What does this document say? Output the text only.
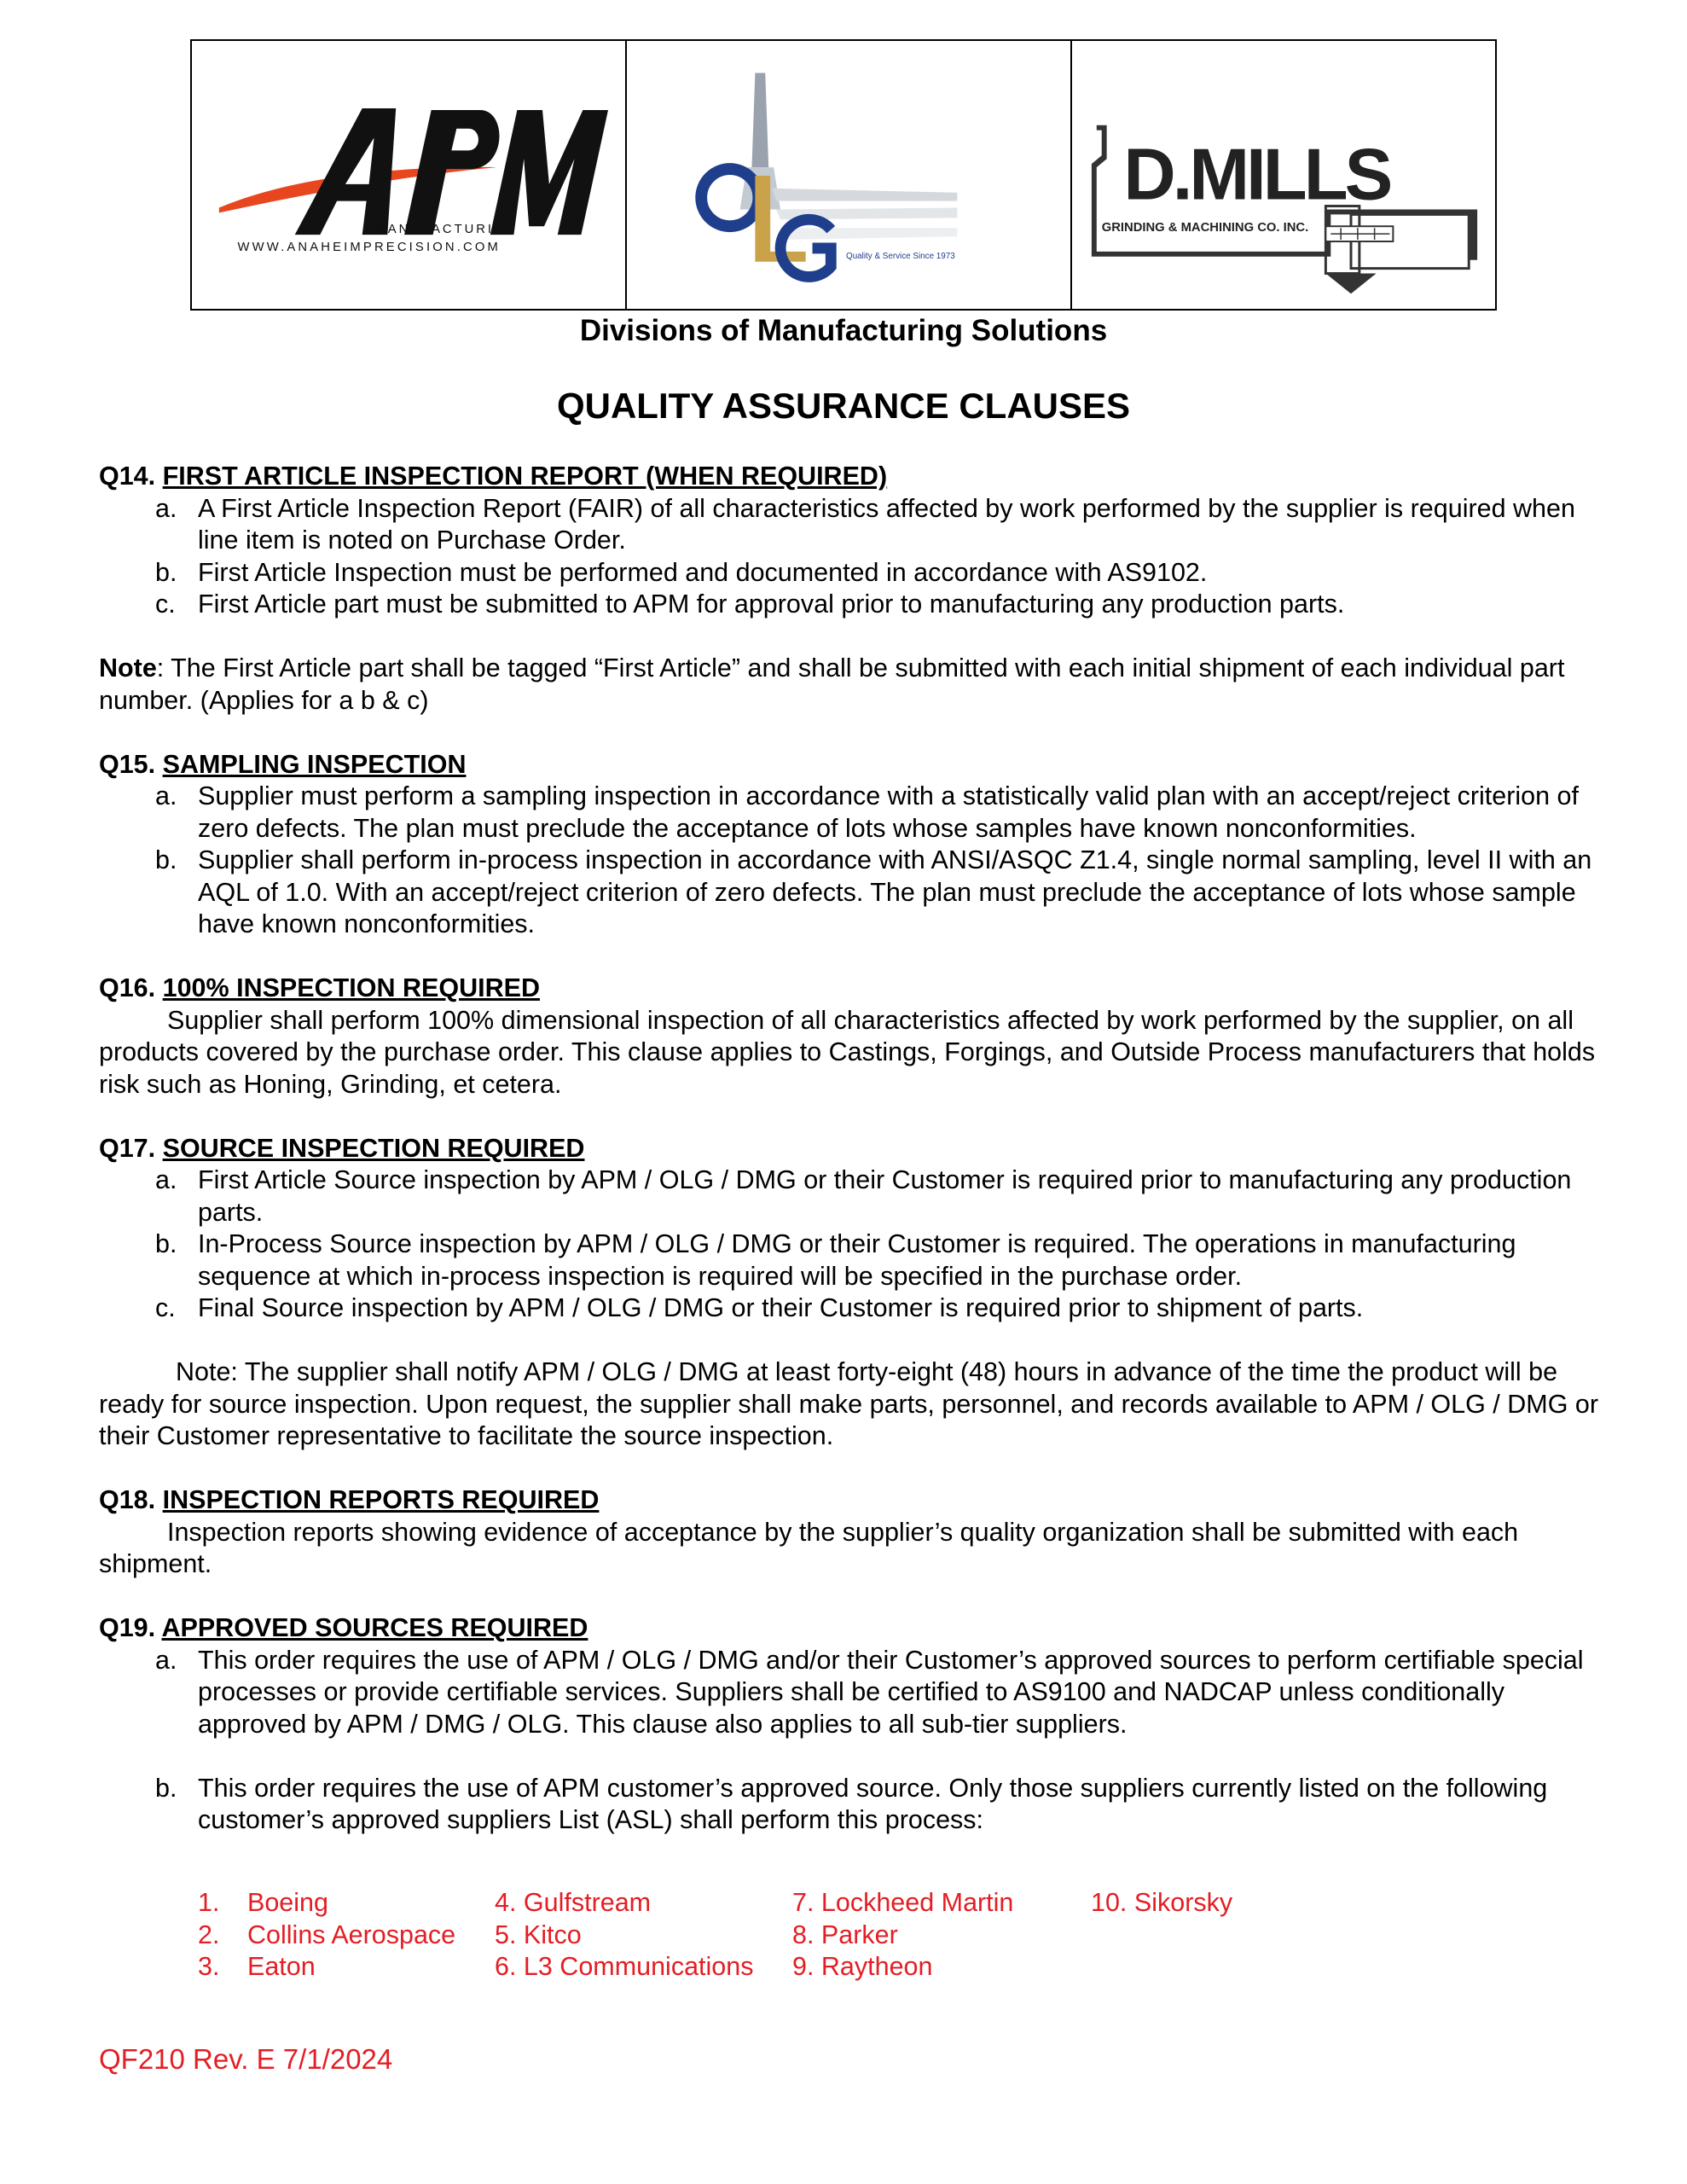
MANUFACTURING
WWW.ANAHEIMPRECISION.COM
Quality & Service Since 1973
D.MILLS
GRINDING & MACHINING CO. INC.
Divisions of Manufacturing Solutions
QUALITY ASSURANCE CLAUSES
Q14. FIRST ARTICLE INSPECTION REPORT (WHEN REQUIRED)
a. A First Article Inspection Report (FAIR) of all characteristics affected by work performed by the supplier is required when line item is noted on Purchase Order.
b. First Article Inspection must be performed and documented in accordance with AS9102.
c. First Article part must be submitted to APM for approval prior to manufacturing any production parts.

Note: The First Article part shall be tagged “First Article” and shall be submitted with each initial shipment of each individual part number. (Applies for a b & c)

Q15. SAMPLING INSPECTION
a. Supplier must perform a sampling inspection in accordance with a statistically valid plan with an accept/reject criterion of zero defects. The plan must preclude the acceptance of lots whose samples have known nonconformities.
b. Supplier shall perform in-process inspection in accordance with ANSI/ASQC Z1.4, single normal sampling, level II with an AQL of 1.0. With an accept/reject criterion of zero defects. The plan must preclude the acceptance of lots whose sample have known nonconformities.
Q16. 100% INSPECTION REQUIRED

Supplier shall perform 100% dimensional inspection of all characteristics affected by work performed by the supplier, on all products covered by the purchase order. This clause applies to Castings, Forgings, and Outside Process manufacturers that holds risk such as Honing, Grinding, et cetera.

Q17. SOURCE INSPECTION REQUIRED
a. First Article Source inspection by APM / OLG / DMG or their Customer is required prior to manufacturing any production parts.
b. In-Process Source inspection by APM / OLG / DMG or their Customer is required. The operations in manufacturing sequence at which in-process inspection is required will be specified in the purchase order.
c. Final Source inspection by APM / OLG / DMG or their Customer is required prior to shipment of parts.

Note: The supplier shall notify APM / OLG / DMG at least forty-eight (48) hours in advance of the time the product will be ready for source inspection. Upon request, the supplier shall make parts, personnel, and records available to APM / OLG / DMG or their Customer representative to facilitate the source inspection.

Q18. INSPECTION REPORTS REQUIRED

Inspection reports showing evidence of acceptance by the supplier’s quality organization shall be submitted with each shipment.

Q19. APPROVED SOURCES REQUIRED
a. This order requires the use of APM / OLG / DMG and/or their Customer’s approved sources to perform certifiable special processes or provide certifiable services. Suppliers shall be certified to AS9100 and NADCAP unless conditionally approved by APM / DMG / OLG. This clause also applies to all sub-tier suppliers.
b. This order requires the use of APM customer’s approved source. Only those suppliers currently listed on the following customer’s approved suppliers List (ASL) shall perform this process:
1. Boeing
2. Collins Aerospace
3. Eaton
4. Gulfstream
5. Kitco
6. L3 Communications
7. Lockheed Martin
8. Parker
9. Raytheon
10. Sikorsky
QF210 Rev. E 7/1/2024
